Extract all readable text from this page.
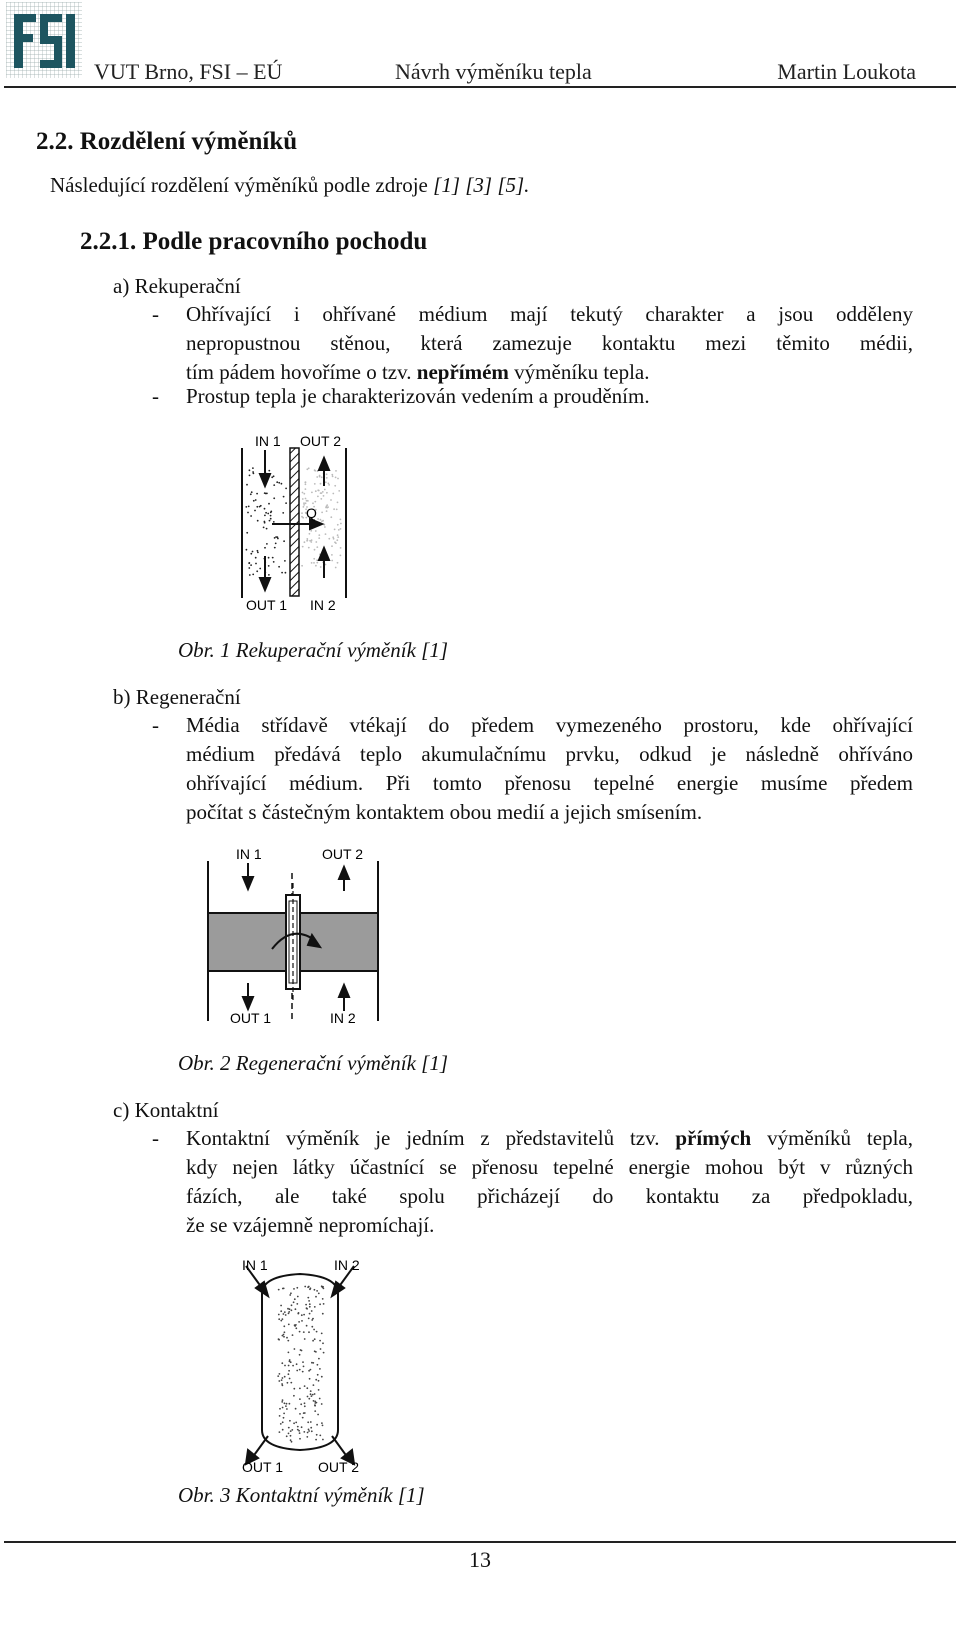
VUT Brno, FSI – EÚ	Návrh výměníku tepla	Martin Loukota
2.2. Rozdělení výměníků
Následující rozdělení výměníků podle zdroje [1] [3] [5].
2.2.1. Podle pracovního pochodu
a) Rekuperační
- Ohřívající i ohřívané médium mají tekutý charakter a jsou odděleny
nepropustnou stěnou, která zamezuje kontaktu mezi těmito médii,
tím pádem hovoříme o tzv. nepřímém výměníku tepla.
- Prostup tepla je charakterizován vedením a prouděním.
IN 1 OUT 2
Q
OUT 1 IN 2
Obr. 1 Rekuperační výměník [1]
b) Regenerační
- Média střídavě vtékají do předem vymezeného prostoru, kde ohřívající
médium předává teplo akumulačnímu prvku, odkud je následně ohříváno
ohřívající médium. Při tomto přenosu tepelné energie musíme předem
počítat s částečným kontaktem obou medií a jejich smísením.
IN 1	OUT 2
OUT 1	IN 2
Obr. 2 Regenerační výměník [1]
c) Kontaktní
- Kontaktní výměník je jedním z představitelů tzv. přímých výměníků tepla,
kdy nejen látky účastnící se přenosu tepelné energie mohou být v různých
fázích, ale také spolu přicházejí do kontaktu za předpokladu,
že se vzájemně nepromíchají.
IN 1	IN 2
OUT 1	OUT 2
Obr. 3 Kontaktní výměník [1]
13
